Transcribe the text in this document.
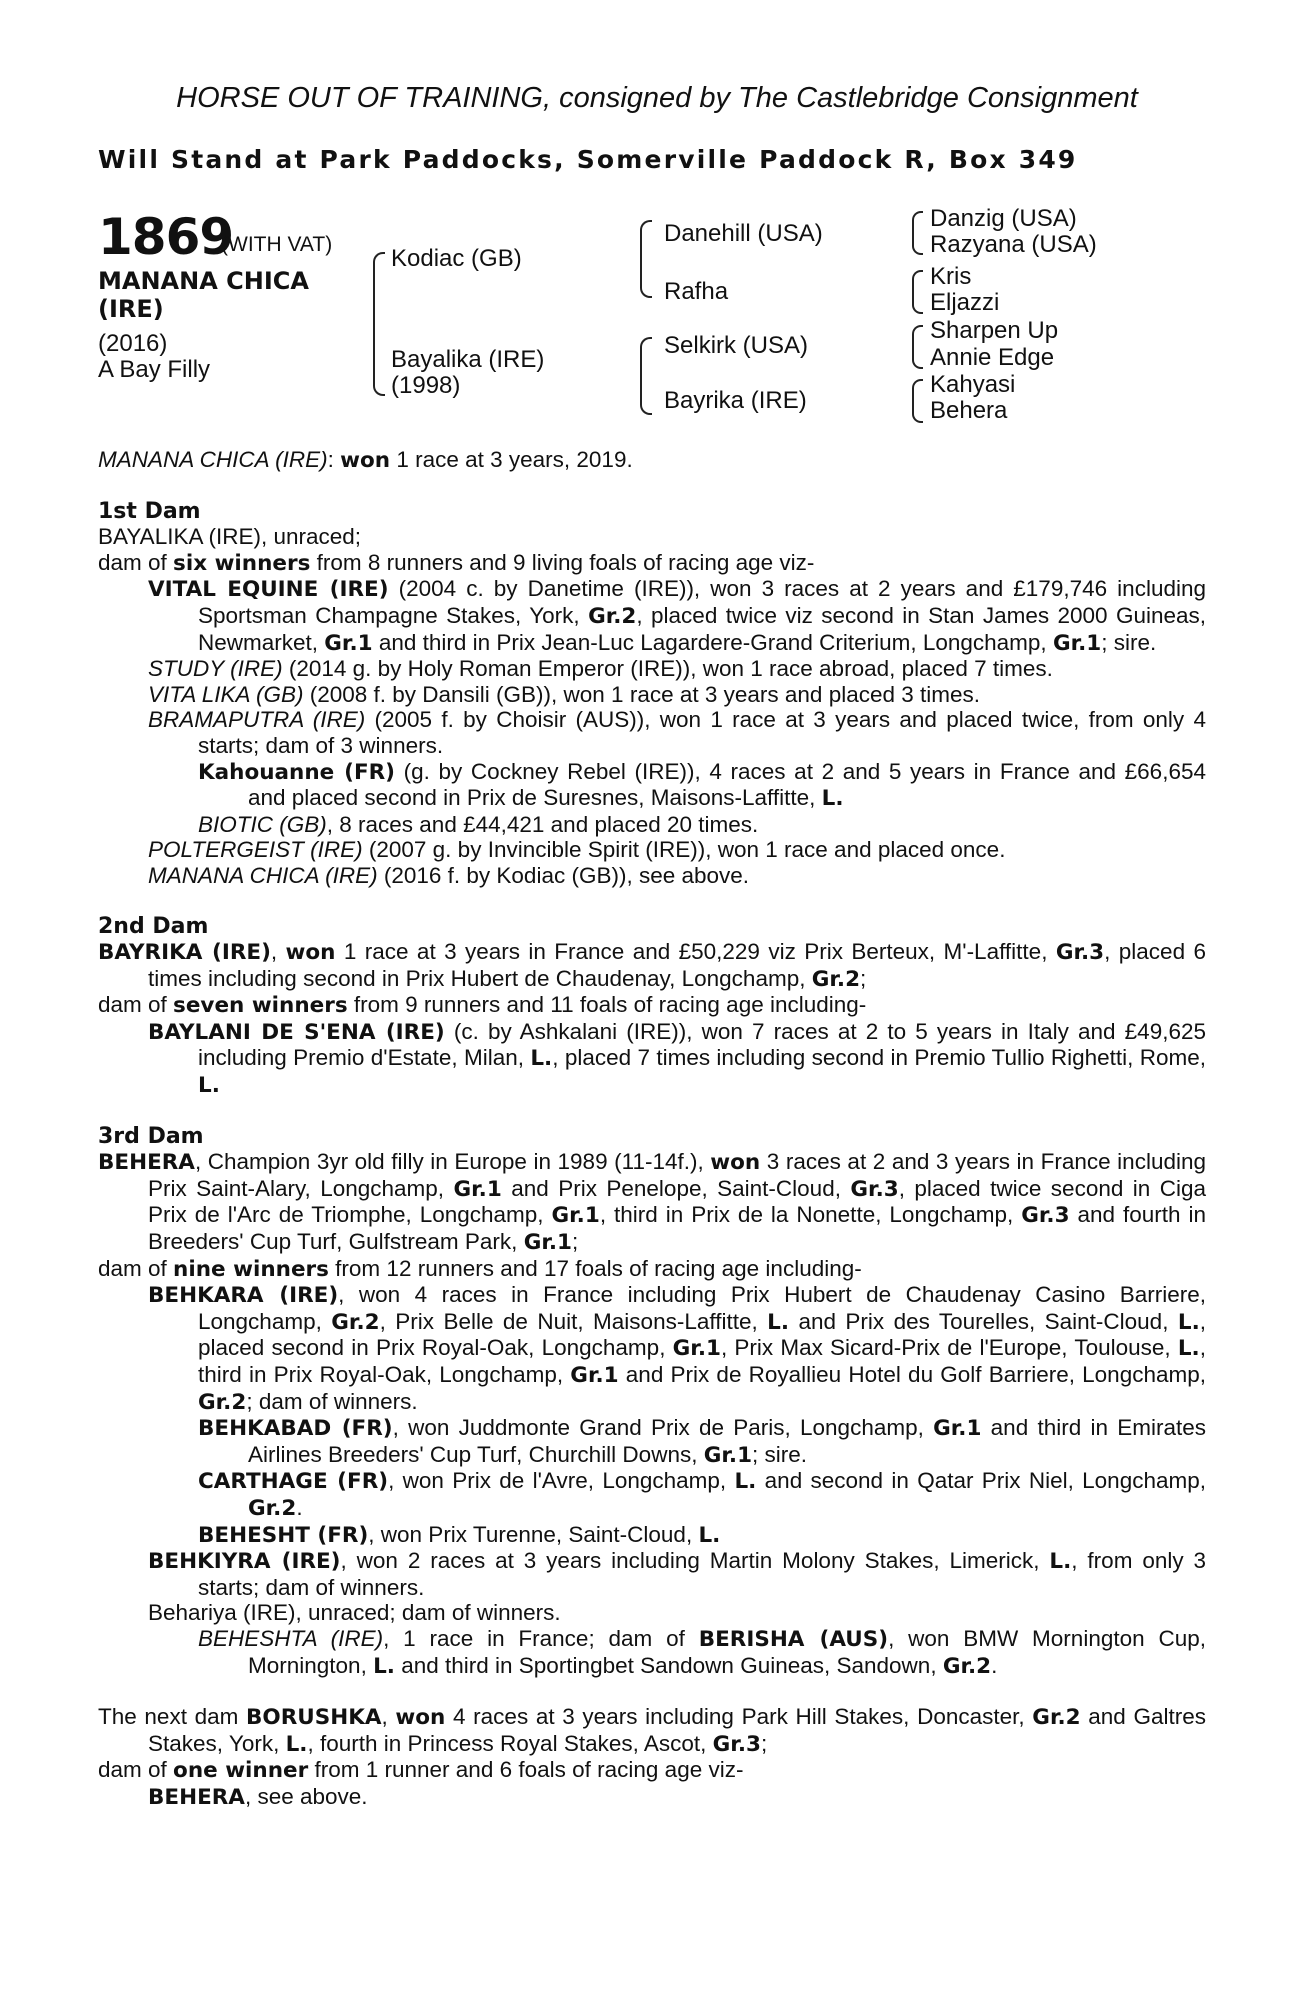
HORSE OUT OF TRAINING, consigned by The Castlebridge Consignment
Will Stand at Park Paddocks, Somerville Paddock R, Box 349
1869
(WITH VAT)
MANANA CHICA
(IRE)
(2016)
A Bay Filly
Kodiac (GB)
Bayalika (IRE)
(1998)
Danehill (USA)
Rafha
Selkirk (USA)
Bayrika (IRE)
Danzig (USA)
Razyana (USA)
Kris
Eljazzi
Sharpen Up
Annie Edge
Kahyasi
Behera

MANANA CHICA (IRE): won 1 race at 3 years, 2019.

1st Dam

BAYALIKA (IRE), unraced;

dam of six winners from 8 runners and 9 living foals of racing age viz-

VITAL EQUINE (IRE) (2004 c. by Danetime (IRE)), won 3 races at 2 years and £179,746 including Sportsman Champagne Stakes, York, Gr.2, placed twice viz second in Stan James 2000 Guineas, Newmarket, Gr.1 and third in Prix Jean-Luc Lagardere-Grand Criterium, Longchamp, Gr.1; sire.
STUDY (IRE) (2014 g. by Holy Roman Emperor (IRE)), won 1 race abroad, placed 7 times.
VITA LIKA (GB) (2008 f. by Dansili (GB)), won 1 race at 3 years and placed 3 times.
BRAMAPUTRA (IRE) (2005 f. by Choisir (AUS)), won 1 race at 3 years and placed twice, from only 4 starts; dam of 3 winners.
Kahouanne (FR) (g. by Cockney Rebel (IRE)), 4 races at 2 and 5 years in France and £66,654 and placed second in Prix de Suresnes, Maisons-Laffitte, L.
BIOTIC (GB), 8 races and £44,421 and placed 20 times.
POLTERGEIST (IRE) (2007 g. by Invincible Spirit (IRE)), won 1 race and placed once.
MANANA CHICA (IRE) (2016 f. by Kodiac (GB)), see above.

2nd Dam

BAYRIKA (IRE), won 1 race at 3 years in France and £50,229 viz Prix Berteux, M'-Laffitte, Gr.3, placed 6 times including second in Prix Hubert de Chaudenay, Longchamp, Gr.2;

dam of seven winners from 9 runners and 11 foals of racing age including-

BAYLANI DE S'ENA (IRE) (c. by Ashkalani (IRE)), won 7 races at 2 to 5 years in Italy and £49,625 including Premio d'Estate, Milan, L., placed 7 times including second in Premio Tullio Righetti, Rome, L.

3rd Dam

BEHERA, Champion 3yr old filly in Europe in 1989 (11-14f.), won 3 races at 2 and 3 years in France including Prix Saint-Alary, Longchamp, Gr.1 and Prix Penelope, Saint-Cloud, Gr.3, placed twice second in Ciga Prix de l'Arc de Triomphe, Longchamp, Gr.1, third in Prix de la Nonette, Longchamp, Gr.3 and fourth in Breeders' Cup Turf, Gulfstream Park, Gr.1;

dam of nine winners from 12 runners and 17 foals of racing age including-

BEHKARA (IRE), won 4 races in France including Prix Hubert de Chaudenay Casino Barriere, Longchamp, Gr.2, Prix Belle de Nuit, Maisons-Laffitte, L. and Prix des Tourelles, Saint-Cloud, L., placed second in Prix Royal-Oak, Longchamp, Gr.1, Prix Max Sicard-Prix de l'Europe, Toulouse, L., third in Prix Royal-Oak, Longchamp, Gr.1 and Prix de Royallieu Hotel du Golf Barriere, Longchamp, Gr.2; dam of winners.
BEHKABAD (FR), won Juddmonte Grand Prix de Paris, Longchamp, Gr.1 and third in Emirates Airlines Breeders' Cup Turf, Churchill Downs, Gr.1; sire.
CARTHAGE (FR), won Prix de l'Avre, Longchamp, L. and second in Qatar Prix Niel, Longchamp, Gr.2.
BEHESHT (FR), won Prix Turenne, Saint-Cloud, L.
BEHKIYRA (IRE), won 2 races at 3 years including Martin Molony Stakes, Limerick, L., from only 3 starts; dam of winners.
Behariya (IRE), unraced; dam of winners.
BEHESHTA (IRE), 1 race in France; dam of BERISHA (AUS), won BMW Mornington Cup, Mornington, L. and third in Sportingbet Sandown Guineas, Sandown, Gr.2.
The next dam BORUSHKA, won 4 races at 3 years including Park Hill Stakes, Doncaster, Gr.2 and Galtres Stakes, York, L., fourth in Princess Royal Stakes, Ascot, Gr.3;

dam of one winner from 1 runner and 6 foals of racing age viz-

BEHERA, see above.
